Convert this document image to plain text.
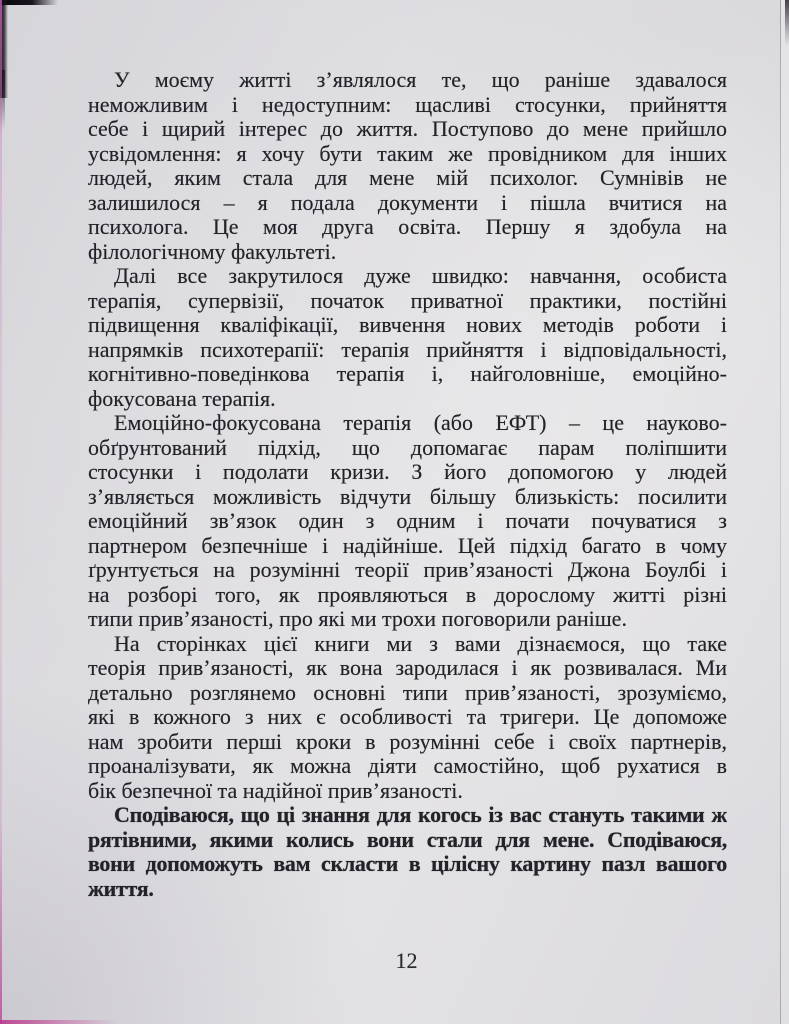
У моєму житті з’являлося те, що раніше здавалося
неможливим і недоступним: щасливі стосунки, прийняття
себе і щирий інтерес до життя. Поступово до мене прийшло
усвідомлення: я хочу бути таким же провідником для інших
людей, яким стала для мене мій психолог. Сумнівів не
залишилося – я подала документи і пішла вчитися на
психолога. Це моя друга освіта. Першу я здобула на
філологічному факультеті.
Далі все закрутилося дуже швидко: навчання, особиста
терапія, супервізії, початок приватної практики, постійні
підвищення кваліфікації, вивчення нових методів роботи і
напрямків психотерапії: терапія прийняття і відповідальності,
когнітивно-поведінкова терапія і, найголовніше, емоційно-
фокусована терапія.
Емоційно-фокусована терапія (або ЕФТ) – це науково-
обґрунтований підхід, що допомагає парам поліпшити
стосунки і подолати кризи. З його допомогою у людей
з’являється можливість відчути більшу близькість: посилити
емоційний зв’язок один з одним і почати почуватися з
партнером безпечніше і надійніше. Цей підхід багато в чому
ґрунтується на розумінні теорії прив’язаності Джона Боулбі і
на розборі того, як проявляються в дорослому житті різні
типи прив’язаності, про які ми трохи поговорили раніше.
На сторінках цієї книги ми з вами дізнаємося, що таке
теорія прив’язаності, як вона зародилася і як розвивалася. Ми
детально розглянемо основні типи прив’язаності, зрозуміємо,
які в кожного з них є особливості та тригери. Це допоможе
нам зробити перші кроки в розумінні себе і своїх партнерів,
проаналізувати, як можна діяти самостійно, щоб рухатися в
бік безпечної та надійної прив’язаності.
Сподіваюся, що ці знання для когось із вас стануть такими ж
рятівними, якими колись вони стали для мене. Сподіваюся,
вони допоможуть вам скласти в цілісну картину пазл вашого
життя.
12
